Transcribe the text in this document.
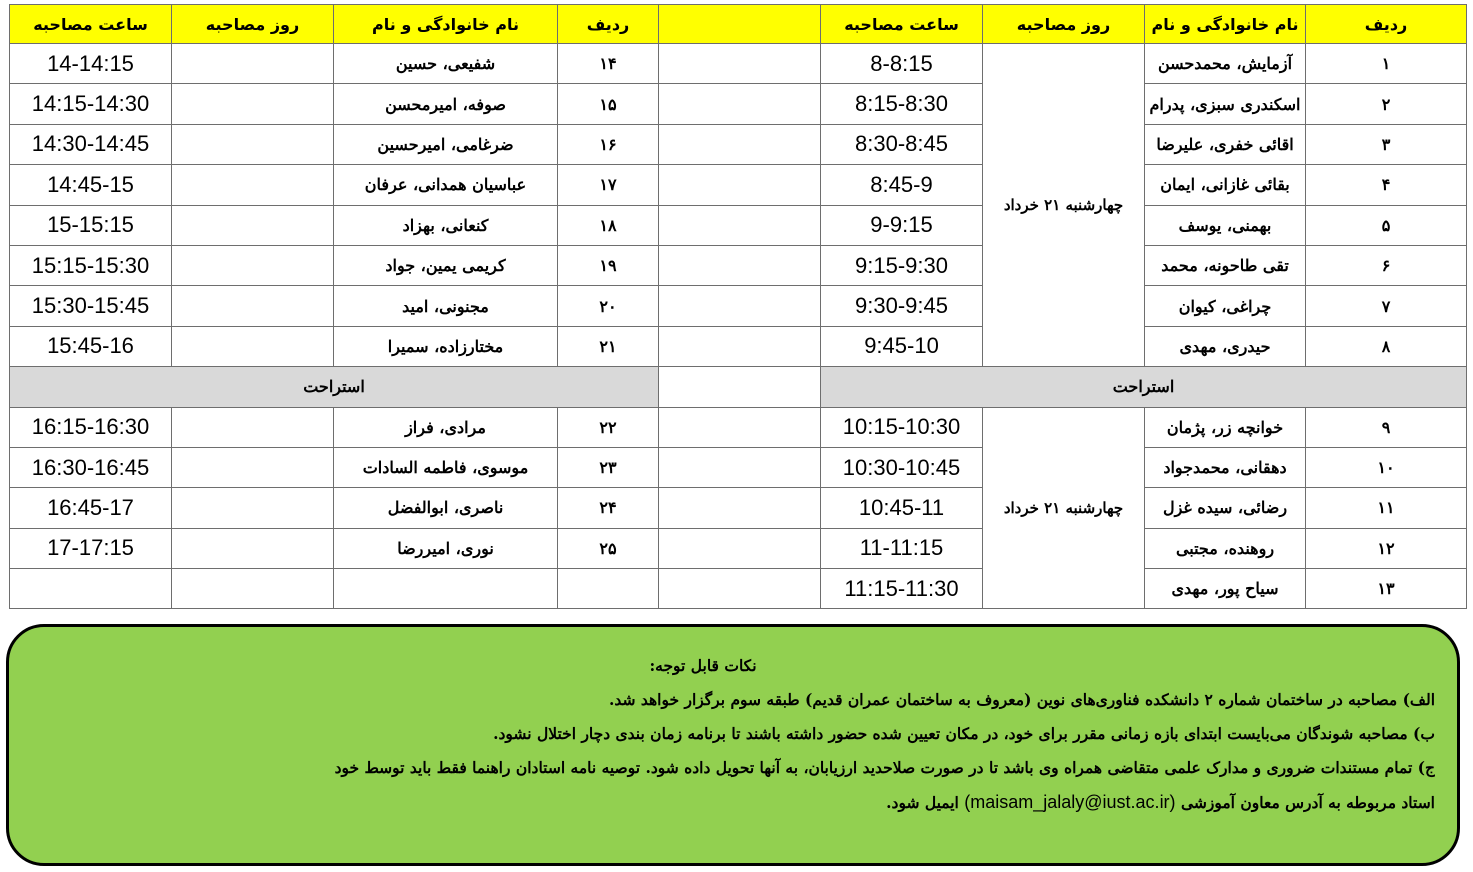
ساعت مصاحبه	روز مصاحبه	نام خانوادگی و نام	ردیف		ساعت مصاحبه	روز مصاحبه	نام خانوادگی و نام	ردیف
14-14:15		شفیعی، حسین	۱۴		8-8:15	چهارشنبه ۲۱ خرداد	آزمایش، محمدحسن	۱
14:15-14:30		صوفه، امیرمحسن	۱۵		8:15-8:30		اسکندری سبزی، پدرام	۲
14:30-14:45		ضرغامی، امیرحسین	۱۶		8:30-8:45		اقائی خفری، علیرضا	۳
14:45-15		عباسیان همدانی، عرفان	۱۷		8:45-9		بقائی غازانی، ایمان	۴
15-15:15		کنعانی، بهزاد	۱۸		9-9:15		بهمنی، یوسف	۵
15:15-15:30		کریمی یمین، جواد	۱۹		9:15-9:30		تقی طاحونه، محمد	۶
15:30-15:45		مجنونی، امید	۲۰		9:30-9:45		چراغی، کیوان	۷
15:45-16		مختارزاده، سمیرا	۲۱		9:45-10		حیدری، مهدی	۸
استراحت					استراحت			
16:15-16:30		مرادی، فراز	۲۲		10:15-10:30	چهارشنبه ۲۱ خرداد	خوانچه زر، پژمان	۹
16:30-16:45		موسوی، فاطمه السادات	۲۳		10:30-10:45		دهقانی، محمدجواد	۱۰
16:45-17		ناصری، ابوالفضل	۲۴		10:45-11		رضائی، سیده غزل	۱۱
17-17:15		نوری، امیررضا	۲۵		11-11:15		روهنده، مجتبی	۱۲
					11:15-11:30		سیاح پور، مهدی	۱۳
نکات قابل توجه:
الف) مصاحبه در ساختمان شماره ۲ دانشکده فناوری‌های نوین (معروف به ساختمان عمران قدیم) طبقه سوم برگزار خواهد شد.
ب) مصاحبه شوندگان می‌بایست ابتدای بازه زمانی مقرر برای خود، در مکان تعیین شده حضور داشته باشند تا برنامه زمان بندی دچار اختلال نشود.
ج) تمام مستندات ضروری و مدارک علمی متقاضی همراه وی باشد تا در صورت صلاحدید ارزیابان، به آنها تحویل داده شود. توصیه نامه استادان راهنما فقط باید توسط خود
استاد مربوطه به آدرس معاون آموزشی (maisam_jalaly@iust.ac.ir) ایمیل شود.
